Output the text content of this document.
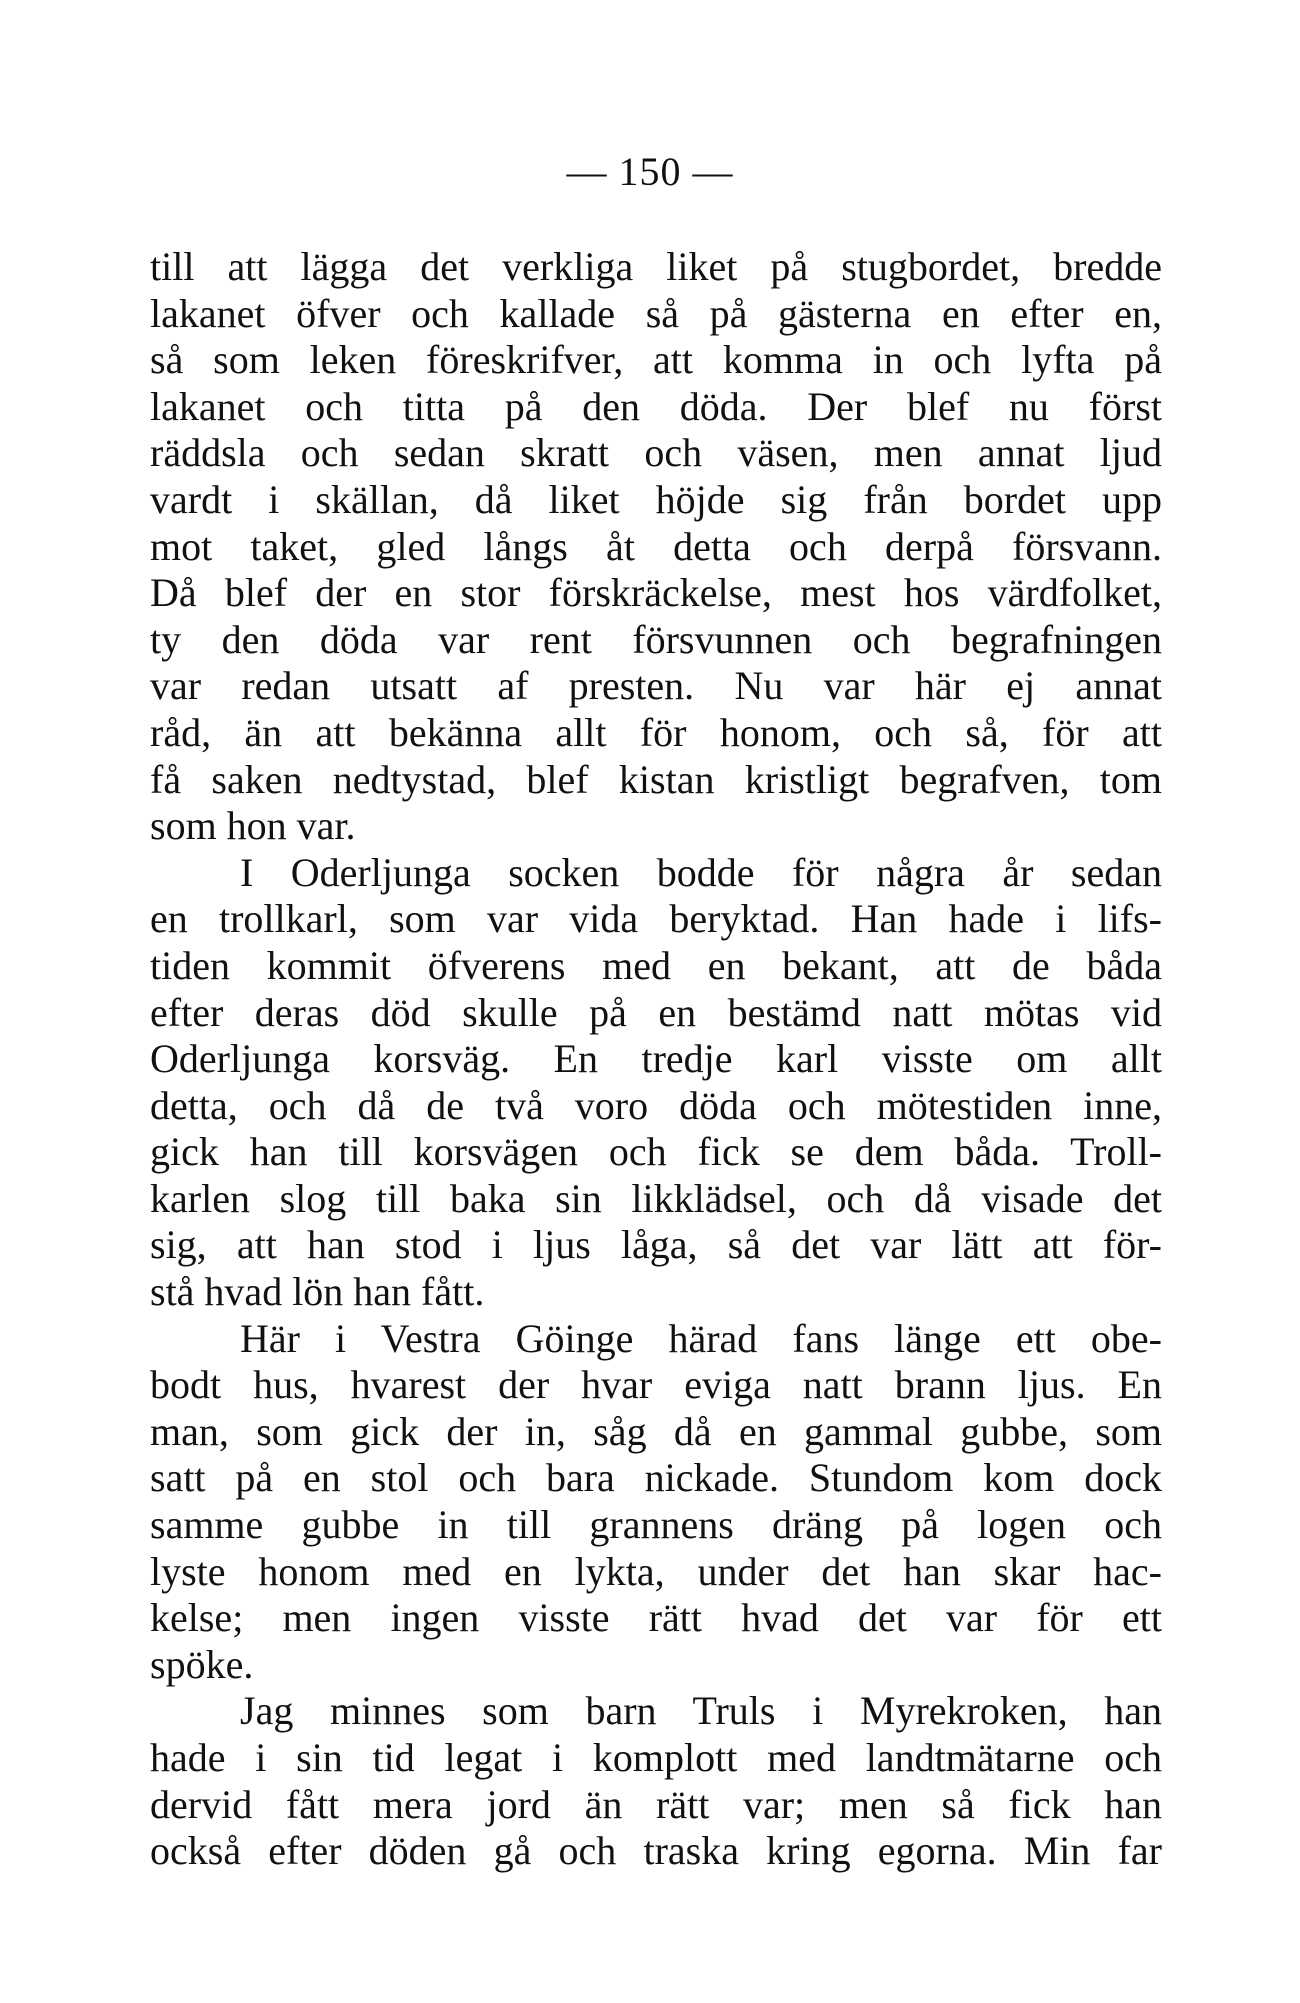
— 150 —
till att lägga det verkliga liket på stugbordet, bredde
lakanet öfver och kallade så på gästerna en efter en,
så som leken föreskrifver, att komma in och lyfta på
lakanet och titta på den döda. Der blef nu först
räddsla och sedan skratt och väsen, men annat ljud
vardt i skällan, då liket höjde sig från bordet upp
mot taket, gled långs åt detta och derpå försvann.
Då blef der en stor förskräckelse, mest hos värdfolket,
ty den döda var rent försvunnen och begrafningen
var redan utsatt af presten. Nu var här ej annat
råd, än att bekänna allt för honom, och så, för att
få saken nedtystad, blef kistan kristligt begrafven, tom
som hon var.
I Oderljunga socken bodde för några år sedan
en trollkarl, som var vida beryktad. Han hade i lifs-
tiden kommit öfverens med en bekant, att de båda
efter deras död skulle på en bestämd natt mötas vid
Oderljunga korsväg. En tredje karl visste om allt
detta, och då de två voro döda och mötestiden inne,
gick han till korsvägen och fick se dem båda. Troll-
karlen slog till baka sin likklädsel, och då visade det
sig, att han stod i ljus låga, så det var lätt att för-
stå hvad lön han fått.
Här i Vestra Göinge härad fans länge ett obe-
bodt hus, hvarest der hvar eviga natt brann ljus. En
man, som gick der in, såg då en gammal gubbe, som
satt på en stol och bara nickade. Stundom kom dock
samme gubbe in till grannens dräng på logen och
lyste honom med en lykta, under det han skar hac-
kelse; men ingen visste rätt hvad det var för ett
spöke.
Jag minnes som barn Truls i Myrekroken, han
hade i sin tid legat i komplott med landtmätarne och
dervid fått mera jord än rätt var; men så fick han
också efter döden gå och traska kring egorna. Min far
